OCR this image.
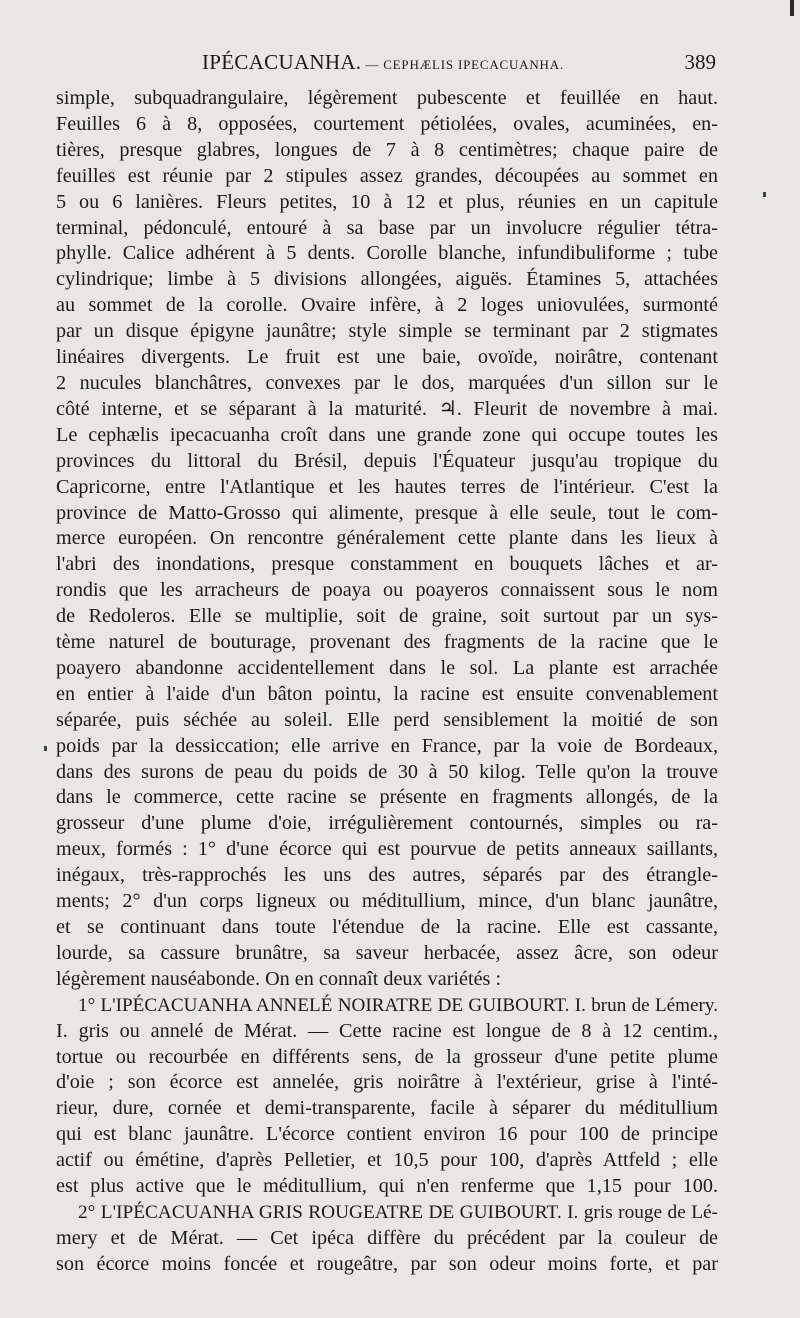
IPÉCACUANHA. — CEPHÆLIS IPECACUANHA.	389
simple, subquadrangulaire, légèrement pubescente et feuillée en haut.
Feuilles 6 à 8, opposées, courtement pétiolées, ovales, acuminées, en-
tières, presque glabres, longues de 7 à 8 centimètres; chaque paire de
feuilles est réunie par 2 stipules assez grandes, découpées au sommet en
5 ou 6 lanières. Fleurs petites, 10 à 12 et plus, réunies en un capitule
terminal, pédonculé, entouré à sa base par un involucre régulier tétra-
phylle. Calice adhérent à 5 dents. Corolle blanche, infundibuliforme ; tube
cylindrique; limbe à 5 divisions allongées, aiguës. Étamines 5, attachées
au sommet de la corolle. Ovaire infère, à 2 loges uniovulées, surmonté
par un disque épigyne jaunâtre; style simple se terminant par 2 stigmates
linéaires divergents. Le fruit est une baie, ovoïde, noirâtre, contenant
2 nucules blanchâtres, convexes par le dos, marquées d'un sillon sur le
côté interne, et se séparant à la maturité. ♃. Fleurit de novembre à mai.
Le cephælis ipecacuanha croît dans une grande zone qui occupe toutes les
provinces du littoral du Brésil, depuis l'Équateur jusqu'au tropique du
Capricorne, entre l'Atlantique et les hautes terres de l'intérieur. C'est la
province de Matto-Grosso qui alimente, presque à elle seule, tout le com-
merce européen. On rencontre généralement cette plante dans les lieux à
l'abri des inondations, presque constamment en bouquets lâches et ar-
rondis que les arracheurs de poaya ou poayeros connaissent sous le nom
de Redoleros. Elle se multiplie, soit de graine, soit surtout par un sys-
tème naturel de bouturage, provenant des fragments de la racine que le
poayero abandonne accidentellement dans le sol. La plante est arrachée
en entier à l'aide d'un bâton pointu, la racine est ensuite convenablement
séparée, puis séchée au soleil. Elle perd sensiblement la moitié de son
poids par la dessiccation; elle arrive en France, par la voie de Bordeaux,
dans des surons de peau du poids de 30 à 50 kilog. Telle qu'on la trouve
dans le commerce, cette racine se présente en fragments allongés, de la
grosseur d'une plume d'oie, irrégulièrement contournés, simples ou ra-
meux, formés : 1° d'une écorce qui est pourvue de petits anneaux saillants,
inégaux, très-rapprochés les uns des autres, séparés par des étrangle-
ments; 2° d'un corps ligneux ou méditullium, mince, d'un blanc jaunâtre,
et se continuant dans toute l'étendue de la racine. Elle est cassante,
lourde, sa cassure brunâtre, sa saveur herbacée, assez âcre, son odeur
légèrement nauséabonde. On en connaît deux variétés :
1° L'IPÉCACUANHA ANNELÉ NOIRATRE DE GUIBOURT. I. brun de Lémery.
I. gris ou annelé de Mérat. — Cette racine est longue de 8 à 12 centim.,
tortue ou recourbée en différents sens, de la grosseur d'une petite plume
d'oie ; son écorce est annelée, gris noirâtre à l'extérieur, grise à l'inté-
rieur, dure, cornée et demi-transparente, facile à séparer du méditullium
qui est blanc jaunâtre. L'écorce contient environ 16 pour 100 de principe
actif ou émétine, d'après Pelletier, et 10,5 pour 100, d'après Attfeld ; elle
est plus active que le méditullium, qui n'en renferme que 1,15 pour 100.
2° L'IPÉCACUANHA GRIS ROUGEATRE DE GUIBOURT. I. gris rouge de Lé-
mery et de Mérat. — Cet ipéca diffère du précédent par la couleur de
son écorce moins foncée et rougeâtre, par son odeur moins forte, et par
